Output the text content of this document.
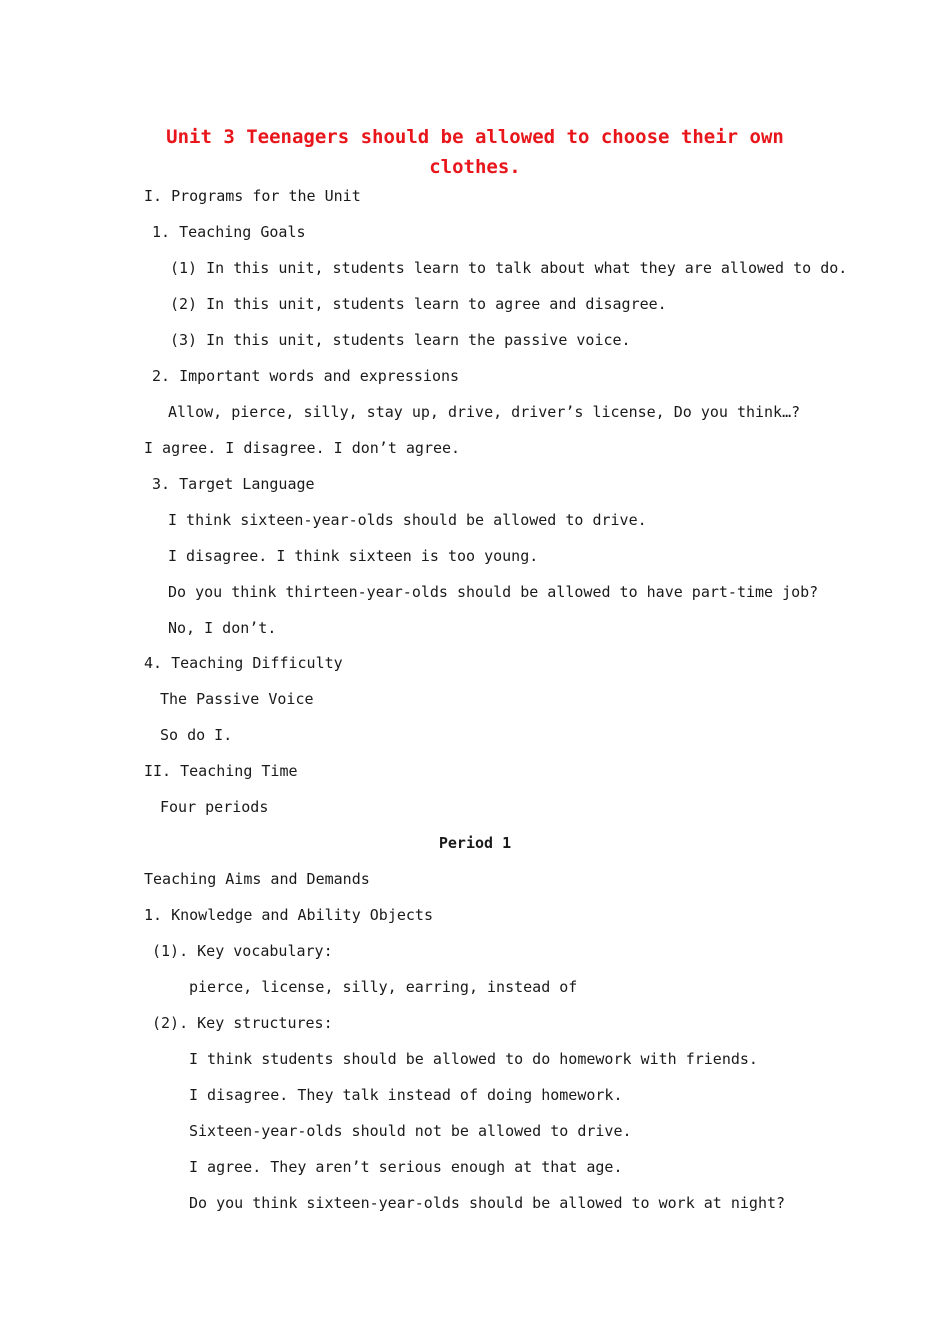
Unit 3 Teenagers should be allowed to choose their own
clothes.

I. Programs for the Unit

1. Teaching Goals

(1) In this unit, students learn to talk about what they are allowed to do.

(2) In this unit, students learn to agree and disagree.

(3) In this unit, students learn the passive voice.

2. Important words and expressions

Allow, pierce, silly, stay up, drive, driver’s license, Do you think…?

I agree. I disagree. I don’t agree.

3. Target Language

I think sixteen-year-olds should be allowed to drive.

I disagree. I think sixteen is too young.

Do you think thirteen-year-olds should be allowed to have part-time job?

No, I don’t.

4. Teaching Difficulty

The Passive Voice

So do I.

II. Teaching Time

Four periods

Period 1

Teaching Aims and Demands

1. Knowledge and Ability Objects

(1). Key vocabulary:

pierce, license, silly, earring, instead of

(2). Key structures:

I think students should be allowed to do homework with friends.

I disagree. They talk instead of doing homework.

Sixteen-year-olds should not be allowed to drive.

I agree. They aren’t serious enough at that age.

Do you think sixteen-year-olds should be allowed to work at night?
